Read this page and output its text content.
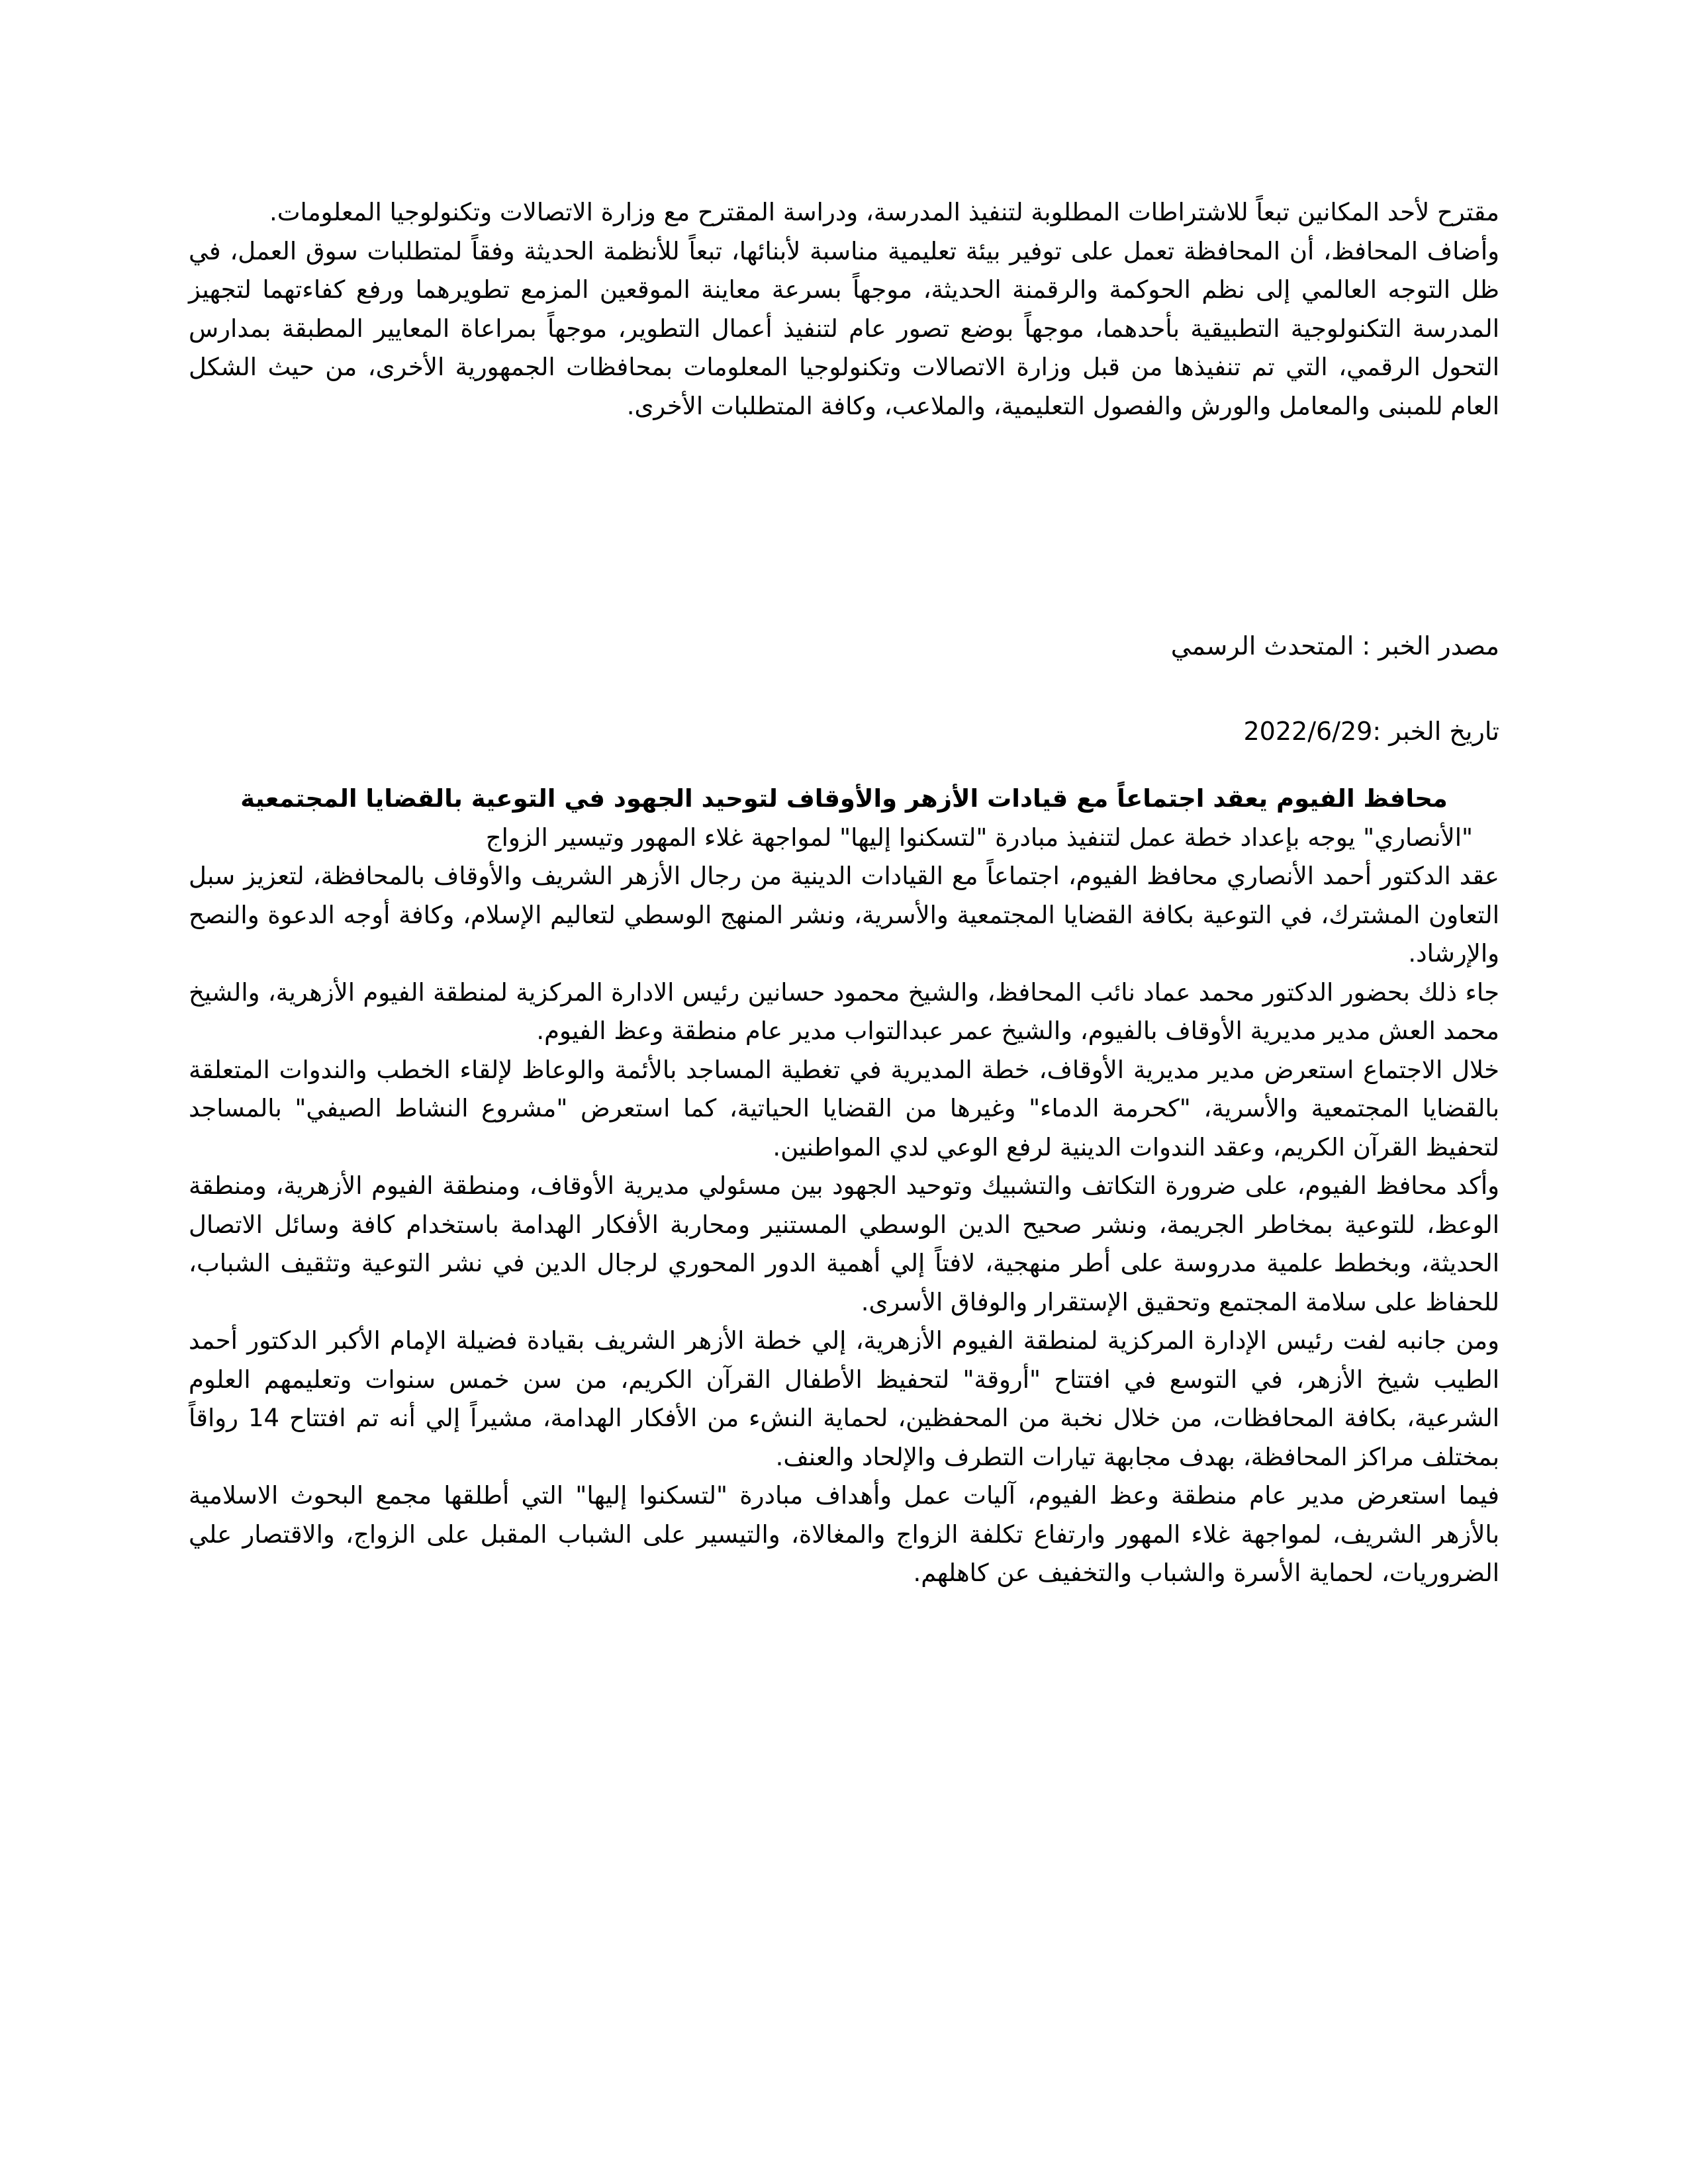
مقترح لأحد المكانين تبعاً للاشتراطات المطلوبة لتنفيذ المدرسة، ودراسة المقترح مع وزارة الاتصالات وتكنولوجيا المعلومات.

وأضاف المحافظ، أن المحافظة تعمل على توفير بيئة تعليمية مناسبة لأبنائها، تبعاً للأنظمة الحديثة وفقاً لمتطلبات سوق العمل، في ظل التوجه العالمي إلى نظم الحوكمة والرقمنة الحديثة، موجهاً بسرعة معاينة الموقعين المزمع تطويرهما ورفع كفاءتهما لتجهيز المدرسة التكنولوجية التطبيقية بأحدهما، موجهاً بوضع تصور عام لتنفيذ أعمال التطوير، موجهاً بمراعاة المعايير المطبقة بمدارس التحول الرقمي، التي تم تنفيذها من قبل وزارة الاتصالات وتكنولوجيا المعلومات بمحافظات الجمهورية الأخرى، من حيث الشكل العام للمبنى والمعامل والورش والفصول التعليمية، والملاعب، وكافة المتطلبات الأخرى.

مصدر الخبر : المتحدث الرسمي
تاريخ الخبر :2022/6/29

محافظ الفيوم يعقد اجتماعاً مع قيادات الأزهر والأوقاف لتوحيد الجهود في التوعية بالقضايا المجتمعية

"الأنصاري" يوجه بإعداد خطة عمل لتنفيذ مبادرة "لتسكنوا إليها" لمواجهة غلاء المهور وتيسير الزواج

عقد الدكتور أحمد الأنصاري محافظ الفيوم، اجتماعاً مع القيادات الدينية من رجال الأزهر الشريف والأوقاف بالمحافظة، لتعزيز سبل التعاون المشترك، في التوعية بكافة القضايا المجتمعية والأسرية، ونشر المنهج الوسطي لتعاليم الإسلام، وكافة أوجه الدعوة والنصح والإرشاد.

جاء ذلك بحضور الدكتور محمد عماد نائب المحافظ، والشيخ محمود حسانين رئيس الادارة المركزية لمنطقة الفيوم الأزهرية، والشيخ محمد العش مدير مديرية الأوقاف بالفيوم، والشيخ عمر عبدالتواب مدير عام منطقة وعظ الفيوم.

خلال الاجتماع استعرض مدير مديرية الأوقاف، خطة المديرية في تغطية المساجد بالأئمة والوعاظ لإلقاء الخطب والندوات المتعلقة بالقضايا المجتمعية والأسرية، "كحرمة الدماء" وغيرها من القضايا الحياتية، كما استعرض "مشروع النشاط الصيفي" بالمساجد لتحفيظ القرآن الكريم، وعقد الندوات الدينية لرفع الوعي لدي المواطنين.

وأكد محافظ الفيوم، على ضرورة التكاتف والتشبيك وتوحيد الجهود بين مسئولي مديرية الأوقاف، ومنطقة الفيوم الأزهرية، ومنطقة الوعظ، للتوعية بمخاطر الجريمة، ونشر صحيح الدين الوسطي المستنير ومحاربة الأفكار الهدامة باستخدام كافة وسائل الاتصال الحديثة، وبخطط علمية مدروسة على أطر منهجية، لافتاً إلي أهمية الدور المحوري لرجال الدين في نشر التوعية وتثقيف الشباب، للحفاظ على سلامة المجتمع وتحقيق الإستقرار والوفاق الأسرى.

ومن جانبه لفت رئيس الإدارة المركزية لمنطقة الفيوم الأزهرية، إلي خطة الأزهر الشريف بقيادة فضيلة الإمام الأكبر الدكتور أحمد الطيب شيخ الأزهر، في التوسع في افتتاح "أروقة" لتحفيظ الأطفال القرآن الكريم، من سن خمس سنوات وتعليمهم العلوم الشرعية، بكافة المحافظات، من خلال نخبة من المحفظين، لحماية النشء من الأفكار الهدامة، مشيراً إلي أنه تم افتتاح 14 رواقاً بمختلف مراكز المحافظة، بهدف مجابهة تيارات التطرف والإلحاد والعنف.

فيما استعرض مدير عام منطقة وعظ الفيوم، آليات عمل وأهداف مبادرة "لتسكنوا إليها" التي أطلقها مجمع البحوث الاسلامية بالأزهر الشريف، لمواجهة غلاء المهور وارتفاع تكلفة الزواج والمغالاة، والتيسير على الشباب المقبل على الزواج، والاقتصار علي الضروريات، لحماية الأسرة والشباب والتخفيف عن كاهلهم.
